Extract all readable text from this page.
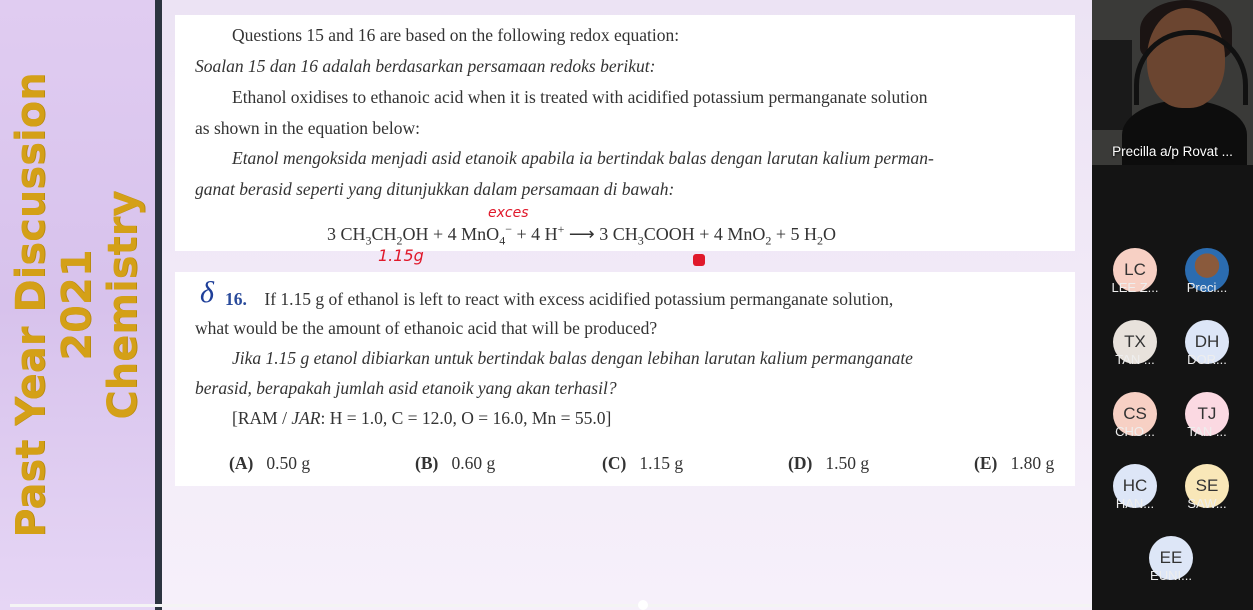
Past Year Discussion 2021 Chemistry
Questions 15 and 16 are based on the following redox equation:
Soalan 15 dan 16 adalah berdasarkan persamaan redoks berikut:
Ethanol oxidises to ethanoic acid when it is treated with acidified potassium permanganate solution
as shown in the equation below:
Etanol mengoksida menjadi asid etanoik apabila ia bertindak balas dengan larutan kalium perman-
ganat berasid seperti yang ditunjukkan dalam persamaan di bawah:
3 $CH_3CH_2OH + 4$ MnO$_4$− + 4 H+ ⟶ 3 $CH_3COOH + 4$ MnO$_2$ + 5 $H_2O$
exces
1.15g
16. If 1.15 g of ethanol is left to react with excess acidified potassium permanganate solution,
what would be the amount of ethanoic acid that will be produced?
Jika 1.15 g etanol dibiarkan untuk bertindak balas dengan lebihan larutan kalium permanganate
berasid, berapakah jumlah asid etanoik yang akan terhasil?
[RAM / JAR: H = 1.0, C = 12.0, O = 16.0, Mn = 55.0]
δ
(A) 0.50 g	(B) 0.60 g	(C) 1.15 g	(D) 1.50 g	(E) 1.80 g
Precilla a/p Rovat ...
LC
LEE Z...	Preci...
TX
TAN ...
DH
DOR...
CS
CHO...
TJ
TAN ...
HC
HAN...
SE
SAW...
EE
EUNI...
